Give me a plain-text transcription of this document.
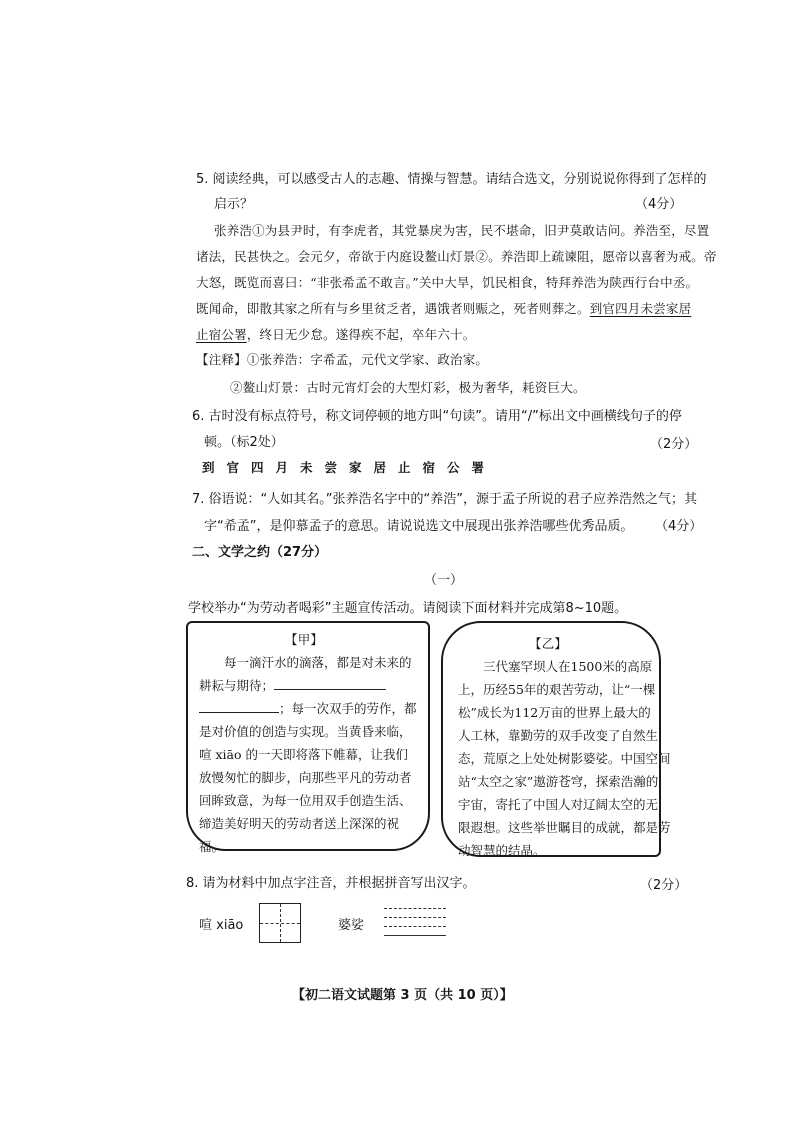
5. 阅读经典，可以感受古人的志趣、情操与智慧。请结合选文，分别说说你得到了怎样的
启示？	（4分）
张养浩①为县尹时，有李虎者，其党暴戾为害，民不堪命，旧尹莫敢诘问。养浩至，尽置
诸法，民甚快之。会元夕，帝欲于内庭设鳌山灯景②。养浩即上疏谏阻，愿帝以喜奢为戒。帝
大怒，既览而喜曰：“非张希孟不敢言。”关中大旱，饥民相食，特拜养浩为陕西行台中丞。
既闻命，即散其家之所有与乡里贫乏者，遇饿者则赈之，死者则葬之。到官四月未尝家居
止宿公署，终日无少怠。遂得疾不起，卒年六十。
【注释】①张养浩：字希孟，元代文学家、政治家。
②鳌山灯景：古时元宵灯会的大型灯彩，极为奢华，耗资巨大。
6. 古时没有标点符号，称文词停顿的地方叫“句读”。请用“/”标出文中画横线句子的停
顿。（标2处）	（2分）
到 官 四 月 未 尝 家 居 止 宿 公 署
7. 俗语说：“人如其名。”张养浩名字中的“养浩”，源于孟子所说的君子应养浩然之气；其
字“希孟”，是仰慕孟子的意思。请说说选文中展现出张养浩哪些优秀品质。 （4分）
二、文学之约（27分）
（一）
学校举办“为劳动者喝彩”主题宣传活动。请阅读下面材料并完成第8~10题。
【甲】
每一滴汗水的滴落，都是对未来的
耕耘与期待；
；每一次双手的劳作，都
是对价值的创造与实现。当黄昏来临，
喧 xiāo 的一天即将落下帷幕，让我们
放慢匆忙的脚步，向那些平凡的劳动者
回眸致意，为每一位用双手创造生活、
缔造美好明天的劳动者送上深深的祝
福。
【乙】
三代塞罕坝人在1500米的高原
上，历经55年的艰苦劳动，让“一棵
松”成长为112万亩的世界上最大的
人工林，靠勤劳的双手改变了自然生
态，荒原之上处处树影婆娑。中国空间
站“太空之家”遨游苍穹，探索浩瀚的
宇宙，寄托了中国人对辽阔太空的无
限遐想。这些举世瞩目的成就，都是劳
动智慧的结晶。
8. 请为材料中加点字注音，并根据拼音写出汉字。	（2分）
喧 xiāo	婆娑
【初二语文试题第 3 页（共 10 页）】
